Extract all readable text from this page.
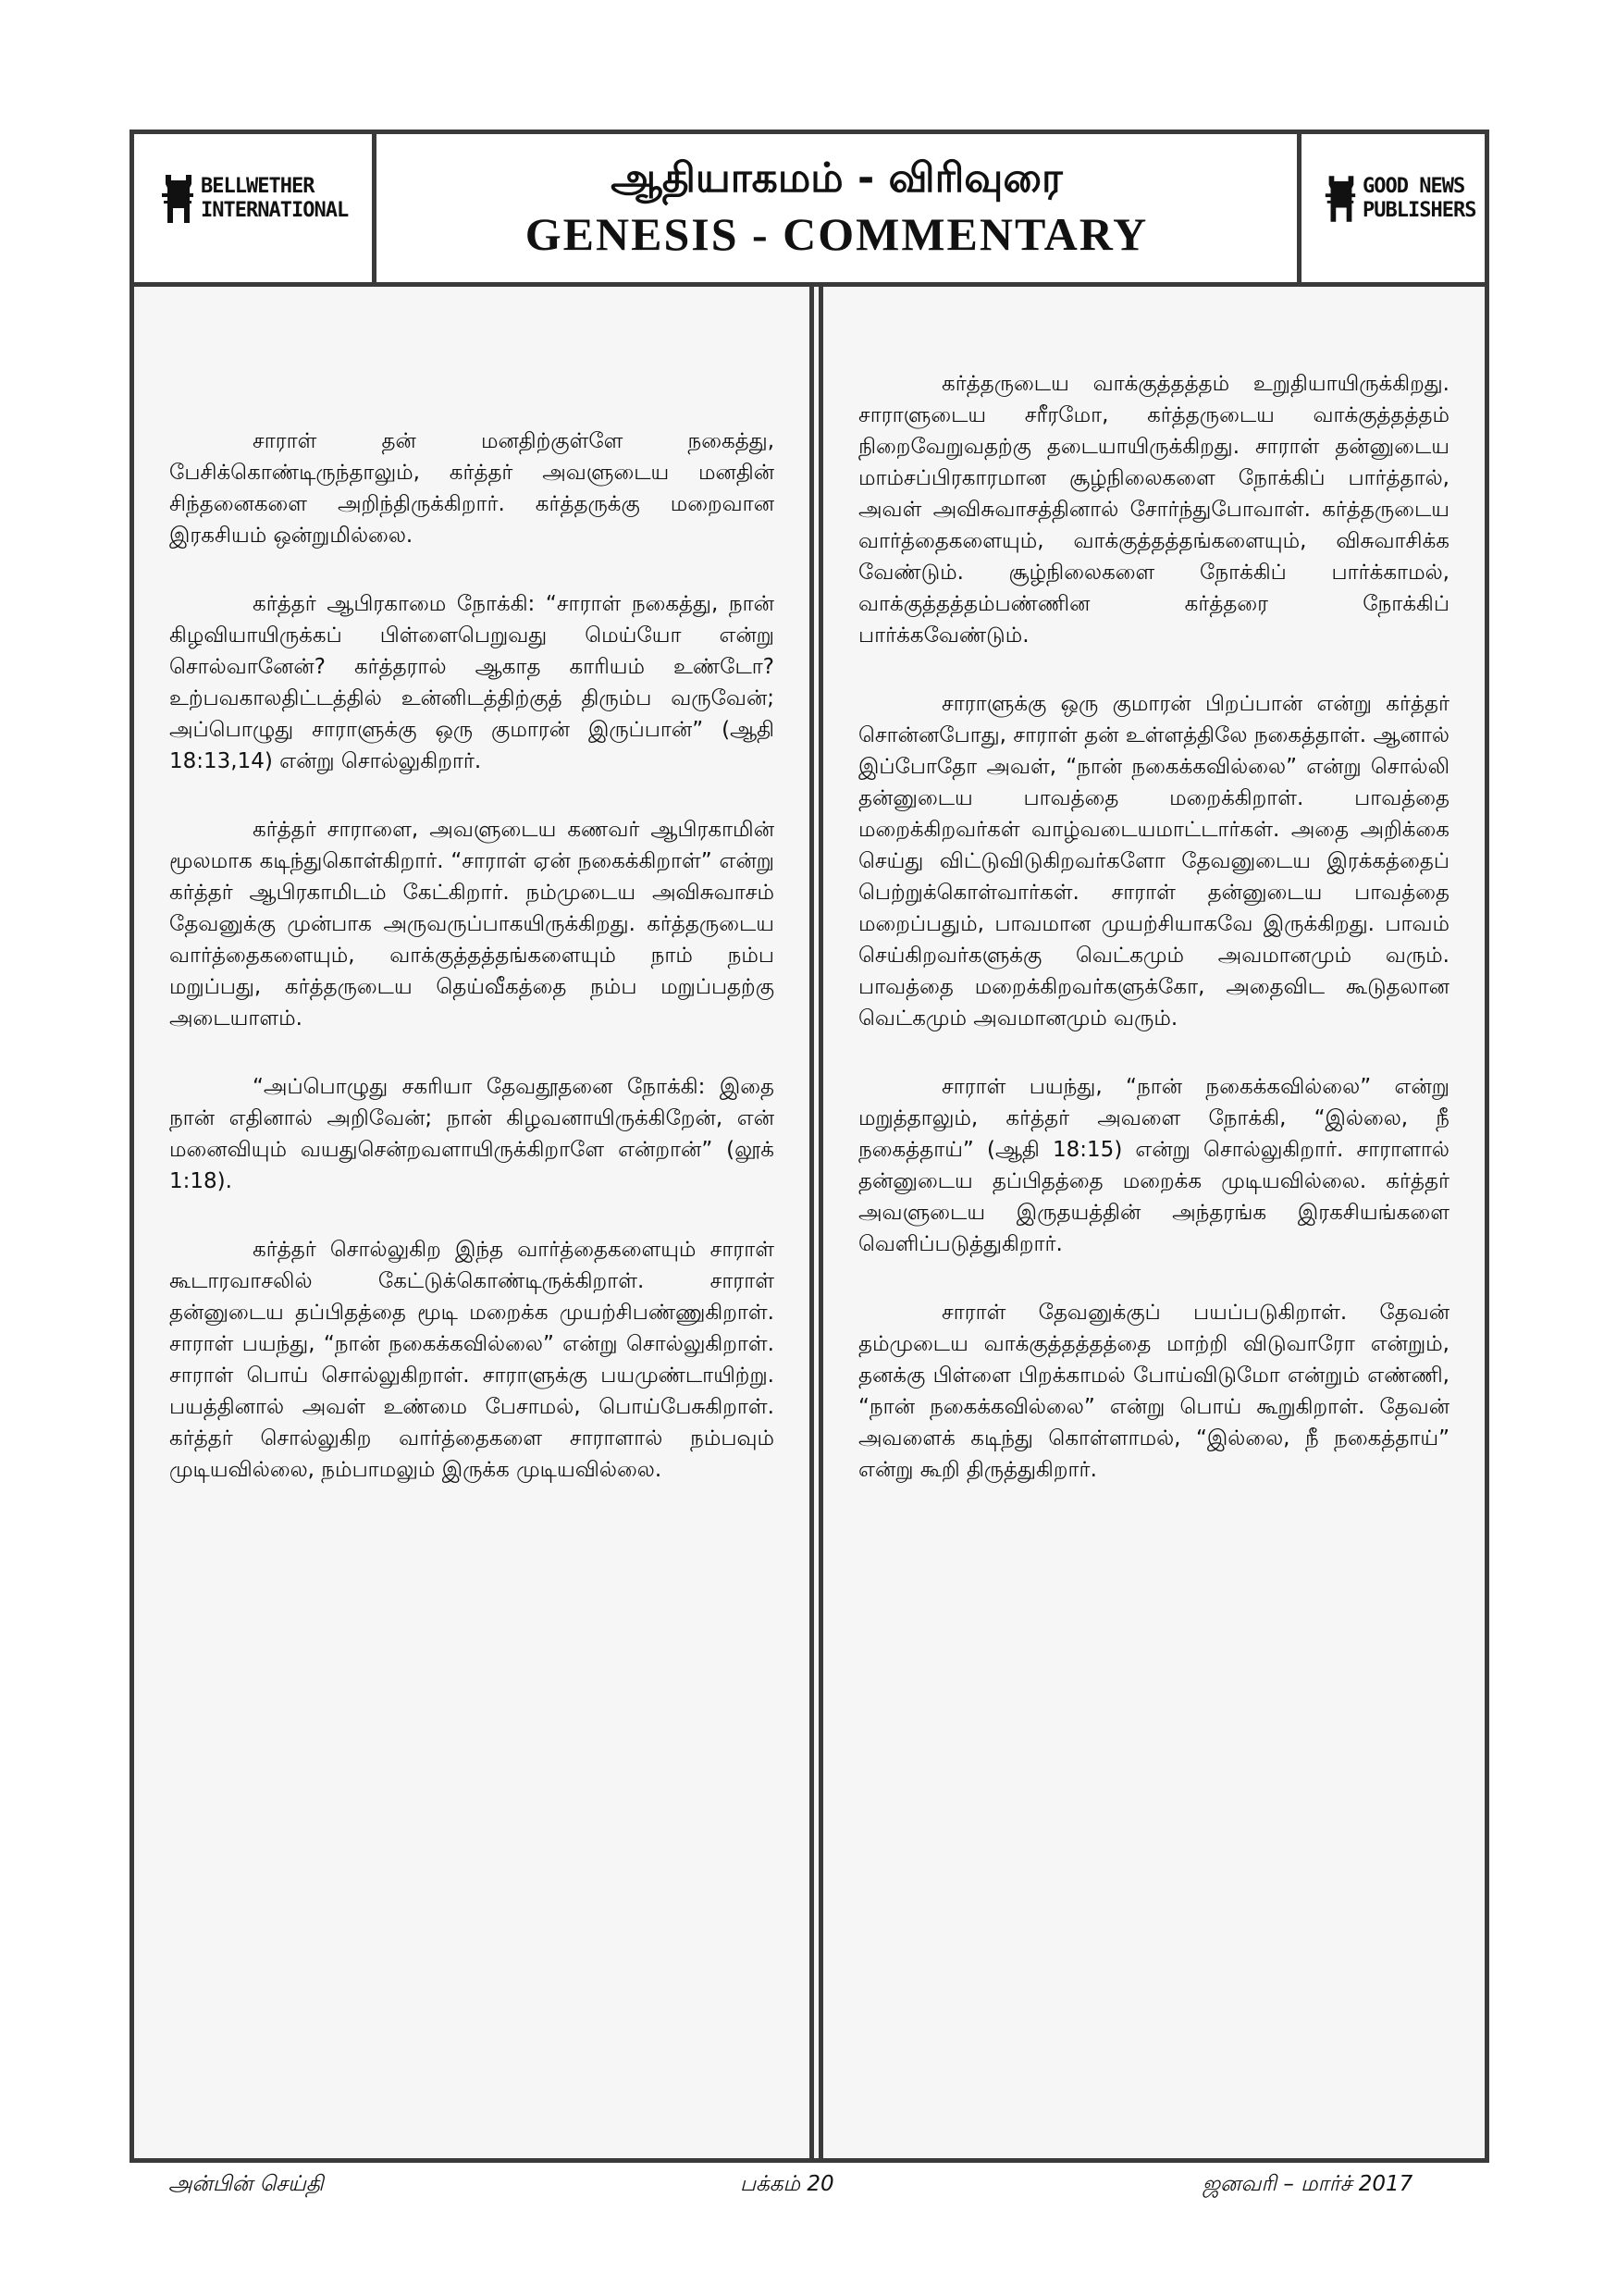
BELLWETHER
INTERNATIONAL
ஆதியாகமம் - விரிவுரை
GENESIS - COMMENTARY
GOOD NEWS
PUBLISHERS

சாராள் தன் மனதிற்குள்ளே நகைத்து, பேசிக்கொண்டிருந்தாலும், கர்த்தர் அவளுடைய மனதின் சிந்தனைகளை அறிந்திருக்கிறார். கர்த்தருக்கு மறைவான இரகசியம் ஒன்றுமில்லை.

கர்த்தர் ஆபிரகாமை நோக்கி: “சாராள் நகைத்து, நான் கிழவியாயிருக்கப் பிள்ளைபெறுவது மெய்யோ என்று சொல்வானேன்? கர்த்தரால் ஆகாத காரியம் உண்டோ? உற்பவகாலதிட்டத்தில் உன்னிடத்திற்குத் திரும்ப வருவேன்; அப்பொழுது சாராளுக்கு ஒரு குமாரன் இருப்பான்” (ஆதி 18:13,14) என்று சொல்லுகிறார்.

கர்த்தர் சாராளை, அவளுடைய கணவர் ஆபிரகாமின் மூலமாக கடிந்துகொள்கிறார். “சாராள் ஏன் நகைக்கிறாள்” என்று கர்த்தர் ஆபிரகாமிடம் கேட்கிறார். நம்முடைய அவிசுவாசம் தேவனுக்கு முன்பாக அருவருப்பாகயிருக்கிறது. கர்த்தருடைய வார்த்தைகளையும், வாக்குத்தத்தங்களையும் நாம் நம்ப மறுப்பது, கர்த்தருடைய தெய்வீகத்தை நம்ப மறுப்பதற்கு அடையாளம்.

“அப்பொழுது சகரியா தேவதூதனை நோக்கி: இதை நான் எதினால் அறிவேன்; நான் கிழவனாயிருக்கிறேன், என் மனைவியும் வயதுசென்றவளாயிருக்கிறாளே என்றான்” (லூக் 1:18).

கர்த்தர் சொல்லுகிற இந்த வார்த்தைகளையும் சாராள் கூடாரவாசலில் கேட்டுக்கொண்டிருக்கிறாள். சாராள் தன்னுடைய தப்பிதத்தை மூடி மறைக்க முயற்சிபண்ணுகிறாள். சாராள் பயந்து, “நான் நகைக்கவில்லை” என்று சொல்லுகிறாள். சாராள் பொய் சொல்லுகிறாள். சாராளுக்கு பயமுண்டாயிற்று. பயத்தினால் அவள் உண்மை பேசாமல், பொய்பேசுகிறாள். கர்த்தர் சொல்லுகிற வார்த்தைகளை சாராளால் நம்பவும் முடியவில்லை, நம்பாமலும் இருக்க முடியவில்லை.

கர்த்தருடைய வாக்குத்தத்தம் உறுதியாயிருக்கிறது. சாராளுடைய சரீரமோ, கர்த்தருடைய வாக்குத்தத்தம் நிறைவேறுவதற்கு தடையாயிருக்கிறது. சாராள் தன்னுடைய மாம்சப்பிரகாரமான சூழ்நிலைகளை நோக்கிப் பார்த்தால், அவள் அவிசுவாசத்தினால் சோர்ந்துபோவாள். கர்த்தருடைய வார்த்தைகளையும், வாக்குத்தத்தங்களையும், விசுவாசிக்க வேண்டும். சூழ்நிலைகளை நோக்கிப் பார்க்காமல், வாக்குத்தத்தம்பண்ணின கர்த்தரை நோக்கிப் பார்க்கவேண்டும்.

சாராளுக்கு ஒரு குமாரன் பிறப்பான் என்று கர்த்தர் சொன்னபோது, சாராள் தன் உள்ளத்திலே நகைத்தாள். ஆனால் இப்போதோ அவள், “நான் நகைக்கவில்லை” என்று சொல்லி தன்னுடைய பாவத்தை மறைக்கிறாள். பாவத்தை மறைக்கிறவர்கள் வாழ்வடையமாட்டார்கள். அதை அறிக்கை செய்து விட்டுவிடுகிறவர்களோ தேவனுடைய இரக்கத்தைப் பெற்றுக்கொள்வார்கள். சாராள் தன்னுடைய பாவத்தை மறைப்பதும், பாவமான முயற்சியாகவே இருக்கிறது. பாவம் செய்கிறவர்களுக்கு வெட்கமும் அவமானமும் வரும். பாவத்தை மறைக்கிறவர்களுக்கோ, அதைவிட கூடுதலான வெட்கமும் அவமானமும் வரும்.

சாராள் பயந்து, “நான் நகைக்கவில்லை” என்று மறுத்தாலும், கர்த்தர் அவளை நோக்கி, “இல்லை, நீ நகைத்தாய்” (ஆதி 18:15) என்று சொல்லுகிறார். சாராளால் தன்னுடைய தப்பிதத்தை மறைக்க முடியவில்லை. கர்த்தர் அவளுடைய இருதயத்தின் அந்தரங்க இரகசியங்களை வெளிப்படுத்துகிறார்.

சாராள் தேவனுக்குப் பயப்படுகிறாள். தேவன் தம்முடைய வாக்குத்தத்தத்தை மாற்றி விடுவாரோ என்றும், தனக்கு பிள்ளை பிறக்காமல் போய்விடுமோ என்றும் எண்ணி, “நான் நகைக்கவில்லை” என்று பொய் கூறுகிறாள். தேவன் அவளைக் கடிந்து கொள்ளாமல், “இல்லை, நீ நகைத்தாய்” என்று கூறி திருத்துகிறார்.

அன்பின் செய்தி	பக்கம் 20	ஜனவரி – மார்ச் 2017
